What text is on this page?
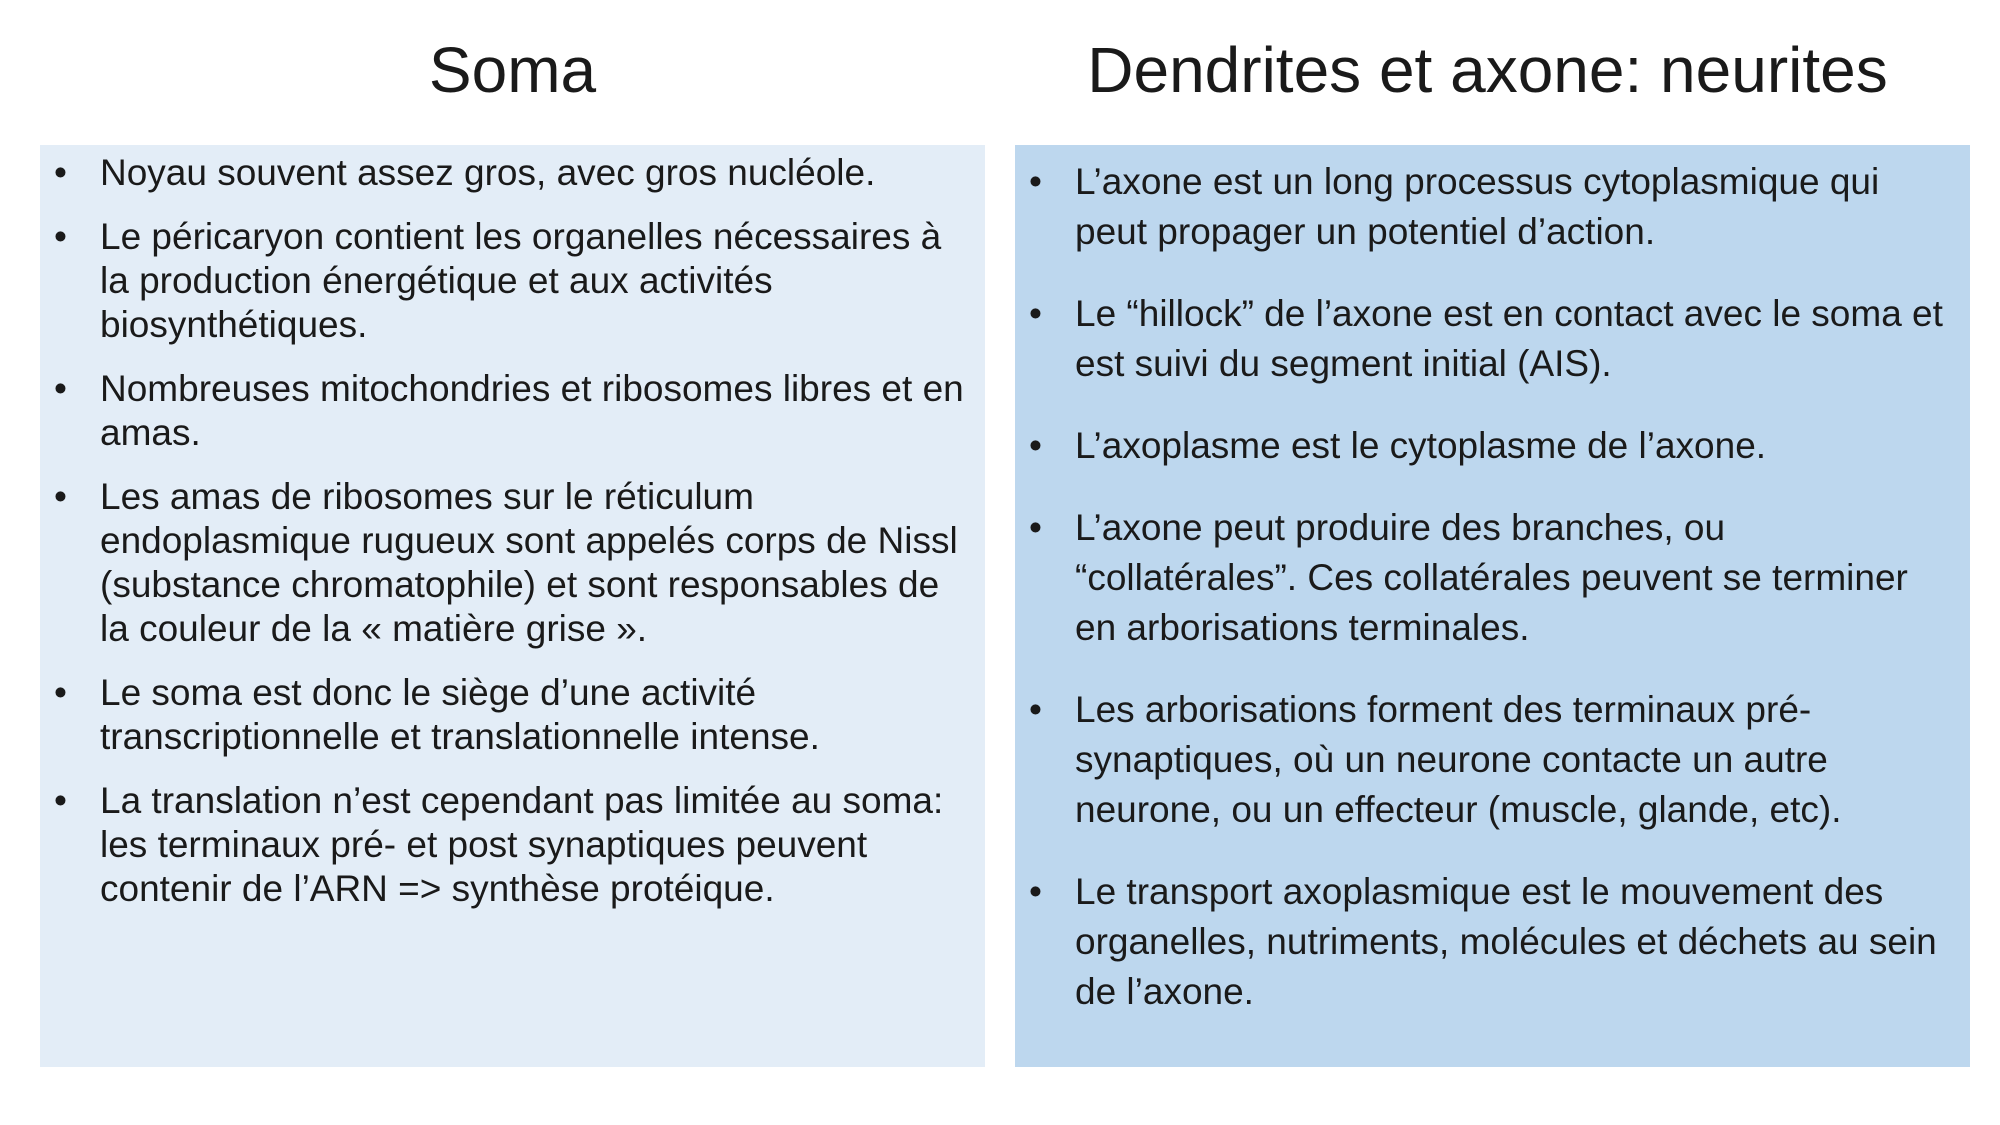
Soma	Dendrites et axone: neurites
• Noyau souvent assez gros, avec gros nucléole.
• Le péricaryon contient les organelles nécessaires à la production énergétique et aux activités biosynthétiques.
• Nombreuses mitochondries et ribosomes libres et en amas.
• Les amas de ribosomes sur le réticulum endoplasmique rugueux sont appelés corps de Nissl (substance chromatophile) et sont responsables de la couleur de la « matière grise ».
• Le soma est donc le siège d’une activité transcriptionnelle et translationnelle intense.
• La translation n’est cependant pas limitée au soma: les terminaux pré- et post synaptiques peuvent contenir de l’ARN => synthèse protéique.
• L’axone est un long processus cytoplasmique qui peut propager un potentiel d’action.
• Le “hillock” de l’axone est en contact avec le soma et est suivi du segment initial (AIS).
• L’axoplasme est le cytoplasme de l’axone.
• L’axone peut produire des branches, ou “collatérales”. Ces collatérales peuvent se terminer en arborisations terminales.
• Les arborisations forment des terminaux pré-synaptiques, où un neurone contacte un autre neurone, ou un effecteur (muscle, glande, etc).
• Le transport axoplasmique est le mouvement des organelles, nutriments, molécules et déchets au sein de l’axone.
